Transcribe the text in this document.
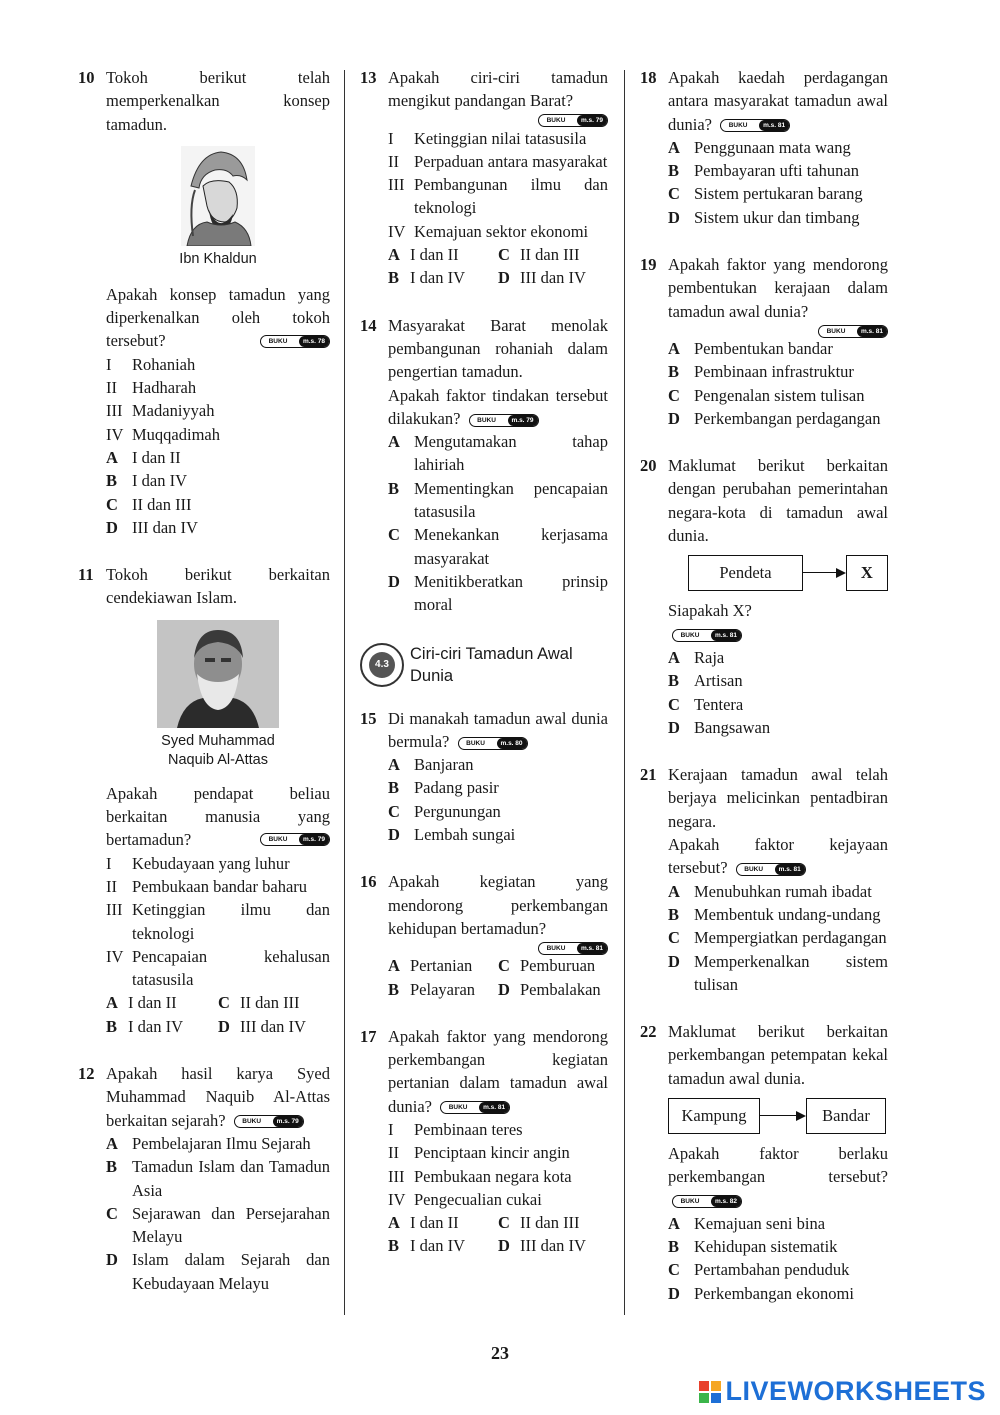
10 Tokoh berikut telah memperkenalkan konsep tamadun.
Ibn Khaldun
Apakah konsep tamadun yang diperkenalkan oleh tokoh tersebut?	BUKU	m.s. 78
I	Rohaniah
II Hadharah
III Madaniyyah
IV Muqqadimah
A I dan II
B I dan IV
C II dan III
D III dan IV
11 Tokoh berikut berkaitan cendekiawan Islam.
Syed Muhammad
Naquib Al-Attas
Apakah pendapat beliau berkaitan manusia yang bertamadun?	BUKU	m.s. 79
I	Kebudayaan yang luhur
II Pembukaan bandar baharu
III Ketinggian ilmu dan teknologi
IV Pencapaian kehalusan tatasusila
A I dan II	C II dan III
B I dan IV D III dan IV
12 Apakah hasil karya Syed Muhammad Naquib Al-Attas berkaitan sejarah?	BUKU	m.s. 79
A Pembelajaran Ilmu Sejarah
B Tamadun Islam dan Tamadun Asia
C Sejarawan dan Persejarahan Melayu
D Islam dalam Sejarah dan Kebudayaan Melayu
13 Apakah ciri-ciri tamadun mengikut pandangan Barat?
BUKU	m.s. 79
I	Ketinggian nilai tatasusila
II Perpaduan antara masyarakat
III Pembangunan ilmu dan teknologi
IV Kemajuan sektor ekonomi
A I dan II C II dan III
B I dan IV D III dan IV
14 Masyarakat Barat menolak pembangunan rohaniah dalam pengertian tamadun.
Apakah faktor tindakan tersebut dilakukan?	BUKU	m.s. 79
A Mengutamakan tahap lahiriah
B Mementingkan pencapaian tatasusila
C Menekankan kerjasama masyarakat
D Menitikberatkan prinsip moral
4.3
Ciri-ciri Tamadun Awal
Dunia
15 Di manakah tamadun awal dunia bermula?	BUKU	m.s. 80
A Banjaran
B Padang pasir
C Pergunungan
D Lembah sungai
16 Apakah kegiatan yang mendorong perkembangan kehidupan bertamadun?
BUKU	m.s. 81
A Pertanian C Pemburuan
B Pelayaran D Pembalakan
17 Apakah faktor yang mendorong perkembangan kegiatan pertanian dalam tamadun awal dunia?	BUKU	m.s. 81
I	Pembinaan teres
II Penciptaan kincir angin
III Pembukaan negara kota
IV Pengecualian cukai
A I dan II C II dan III
B I dan IV D III dan IV
18 Apakah kaedah perdagangan antara masyarakat tamadun awal dunia?	BUKU	m.s. 81
A Penggunaan mata wang
B Pembayaran ufti tahunan
C Sistem pertukaran barang
D Sistem ukur dan timbang
19 Apakah faktor yang mendorong pembentukan kerajaan dalam tamadun awal dunia?
BUKU	m.s. 81
A Pembentukan bandar
B Pembinaan infrastruktur
C Pengenalan sistem tulisan
D Perkembangan perdagangan
20 Maklumat berikut berkaitan dengan perubahan pemerintahan negara-kota di tamadun awal dunia.
Pendeta	X
Siapakah X?
BUKU	m.s. 81
A Raja
B Artisan
C Tentera
D Bangsawan
21 Kerajaan tamadun awal telah berjaya melicinkan pentadbiran negara.
Apakah faktor kejayaan tersebut?	BUKU	m.s. 81
A Menubuhkan rumah ibadat
B Membentuk undang-undang
C Mempergiatkan perdagangan
D Memperkenalkan sistem tulisan
22 Maklumat berikut berkaitan perkembangan petempatan kekal tamadun awal dunia.
Kampung	Bandar
Apakah faktor berlaku perkembangan tersebut?
BUKU	m.s. 82
A Kemajuan seni bina
B Kehidupan sistematik
C Pertambahan penduduk
D Perkembangan ekonomi
23
LIVEWORKSHEETS
